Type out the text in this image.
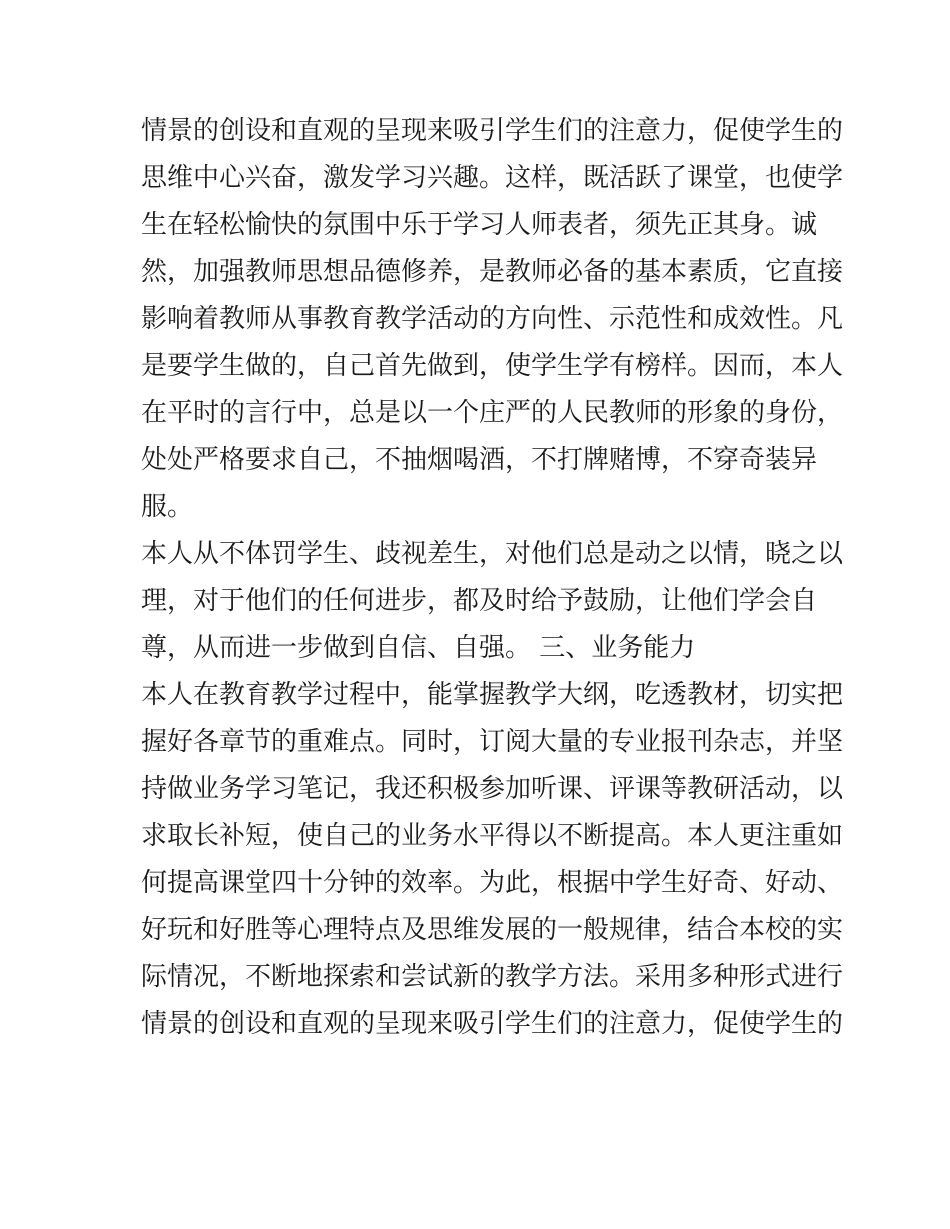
情景的创设和直观的呈现来吸引学生们的注意力，促使学生的
思维中心兴奋，激发学习兴趣。这样，既活跃了课堂，也使学
生在轻松愉快的氛围中乐于学习人师表者，须先正其身。诚
然，加强教师思想品德修养，是教师必备的基本素质，它直接
影响着教师从事教育教学活动的方向性、示范性和成效性。凡
是要学生做的，自己首先做到，使学生学有榜样。因而，本人
在平时的言行中，总是以一个庄严的人民教师的形象的身份，
处处严格要求自己，不抽烟喝酒，不打牌赌博，不穿奇装异
服。
本人从不体罚学生、歧视差生，对他们总是动之以情，晓之以
理，对于他们的任何进步，都及时给予鼓励，让他们学会自
尊，从而进一步做到自信、自强。 三、业务能力
本人在教育教学过程中，能掌握教学大纲，吃透教材，切实把
握好各章节的重难点。同时，订阅大量的专业报刊杂志，并坚
持做业务学习笔记，我还积极参加听课、评课等教研活动，以
求取长补短，使自己的业务水平得以不断提高。本人更注重如
何提高课堂四十分钟的效率。为此，根据中学生好奇、好动、
好玩和好胜等心理特点及思维发展的一般规律，结合本校的实
际情况，不断地探索和尝试新的教学方法。采用多种形式进行
情景的创设和直观的呈现来吸引学生们的注意力，促使学生的
